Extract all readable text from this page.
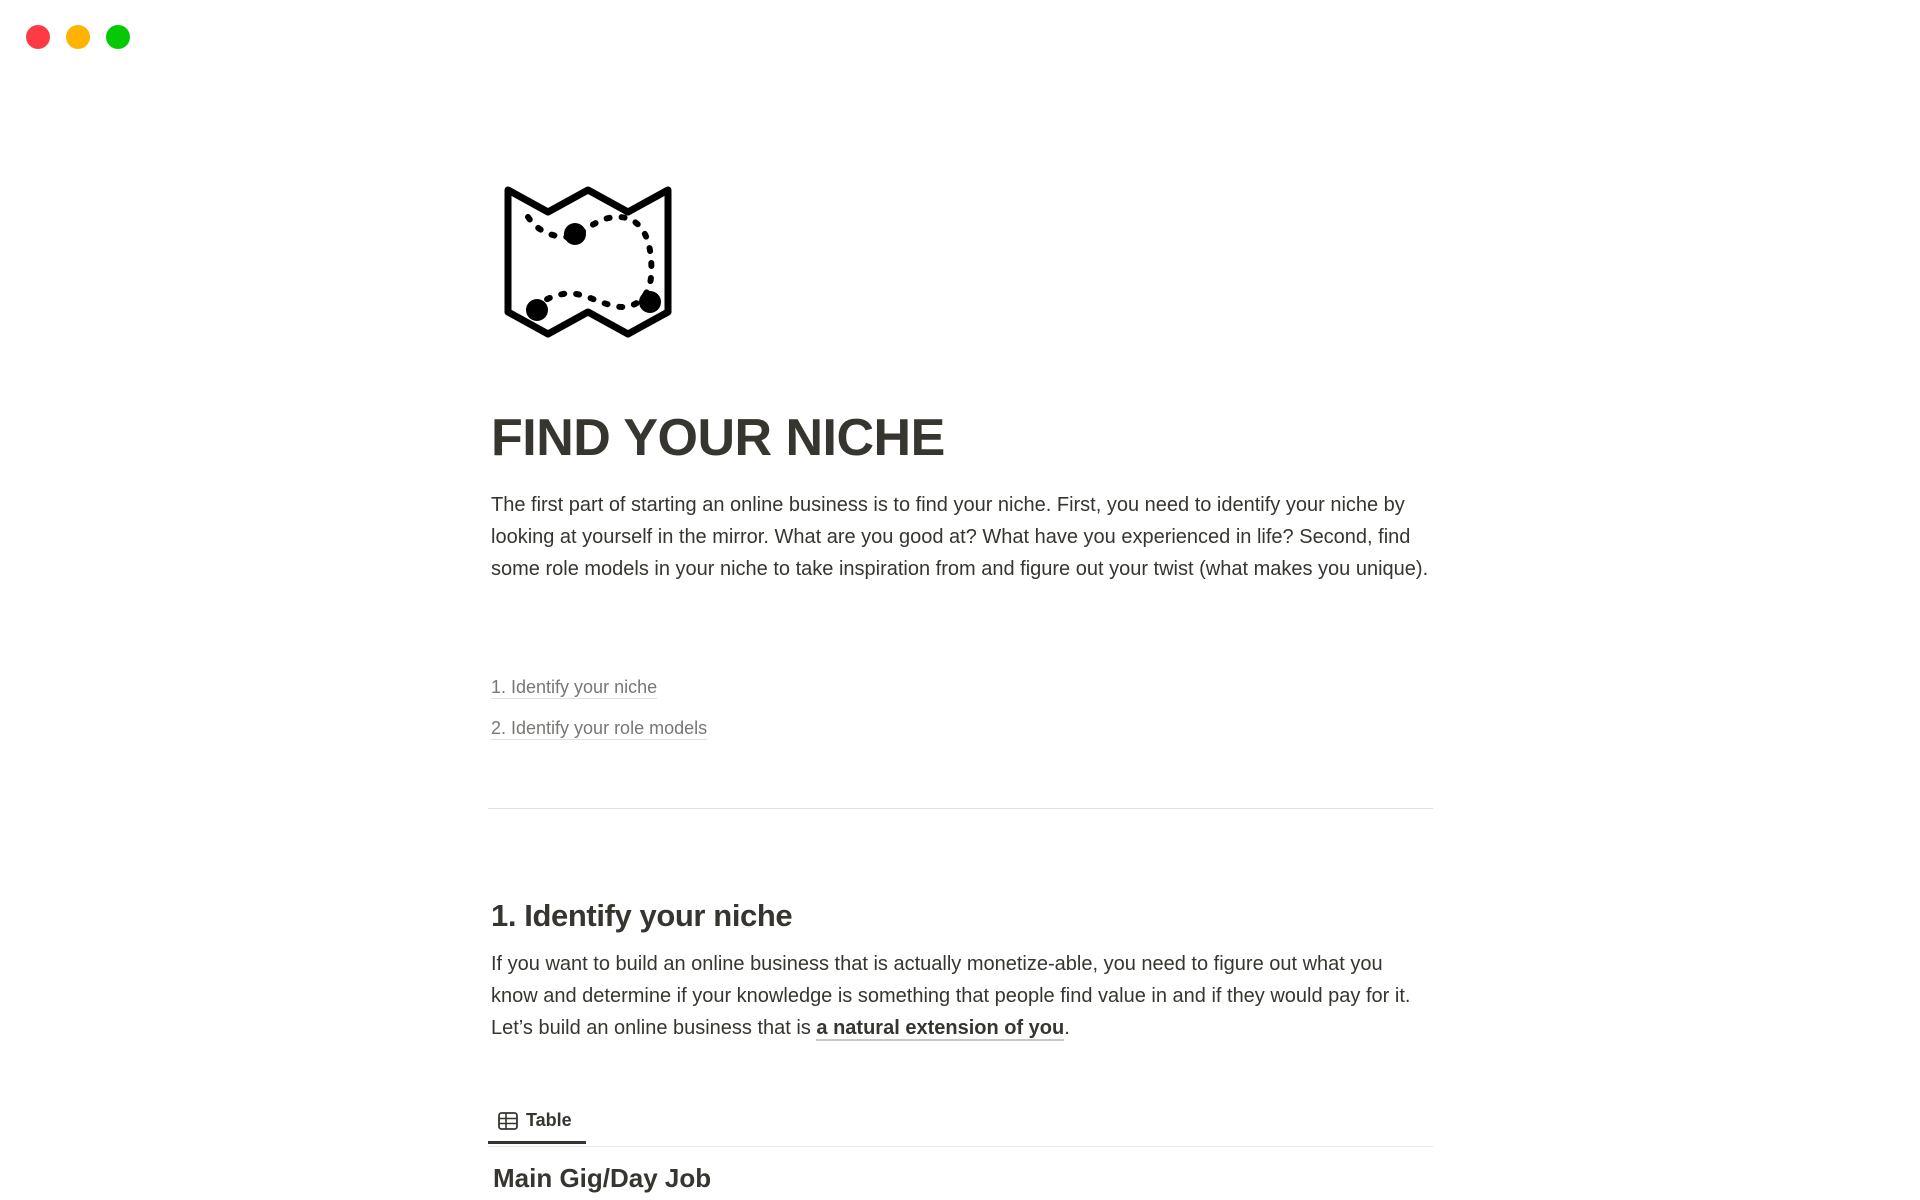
FIND YOUR NICHE

The first part of starting an online business is to find your niche. First, you need to identify your niche by looking at yourself in the mirror. What are you good at? What have you experienced in life? Second, find some role models in your niche to take inspiration from and figure out your twist (what makes you unique).

1. Identify your niche
2. Identify your role models
1. Identify your niche

If you want to build an online business that is actually monetize-able, you need to figure out what you know and determine if your knowledge is something that people find value in and if they would pay for it. Let’s build an online business that is a natural extension of you.

Table
Main Gig/Day Job
